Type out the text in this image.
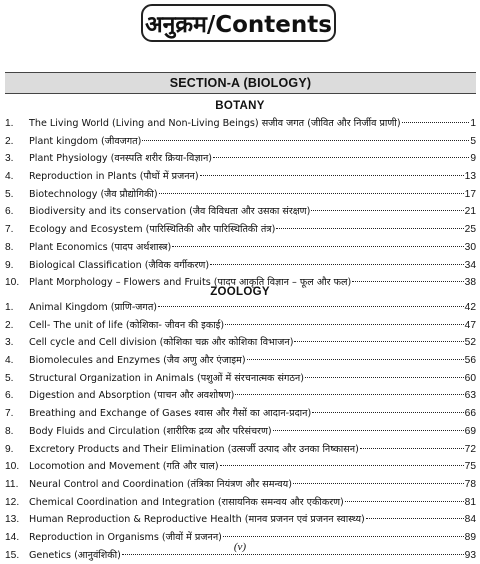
अनुक्रम/Contents
SECTION-A (BIOLOGY)
BOTANY
1.	The Living World (Living and Non-Living Beings) सजीव जगत (जीवित और निर्जीव प्राणी)	1
2.	Plant kingdom (जीवजगत)	5
3.	Plant Physiology (वनस्पति शरीर क्रिया-विज्ञान)	9
4.	Reproduction in Plants (पौधों में प्रजनन)	13
5.	Biotechnology (जैव प्रौद्योगिकी)	17
6.	Biodiversity and its conservation (जैव विविधता और उसका संरक्षण)	21
7.	Ecology and Ecosystem (पारिस्थितिकी और पारिस्थितिकी तंत्र)	25
8.	Plant Economics (पादप अर्थशास्त्र)	30
9.	Biological Classification (जैविक वर्गीकरण)	34
10.	Plant Morphology – Flowers and Fruits (पादप आकृति विज्ञान – फूल और फल)	38
ZOOLOGY
1.	Animal Kingdom (प्राणि-जगत)	42
2.	Cell- The unit of life (कोशिका- जीवन की इकाई)	47
3.	Cell cycle and Cell division (कोशिका चक्र और कोशिका विभाजन)	52
4.	Biomolecules and Enzymes (जैव अणु और एंजाइम)	56
5.	Structural Organization in Animals (पशुओं में संरचनात्मक संगठन)	60
6.	Digestion and Absorption (पाचन और अवशोषण)	63
7.	Breathing and Exchange of Gases श्वास और गैसों का आदान-प्रदान)	66
8.	Body Fluids and Circulation (शारीरिक द्रव्य और परिसंचरण)	69
9.	Excretory Products and Their Elimination (उत्सर्जी उत्पाद और उनका निष्कासन)	72
10.	Locomotion and Movement (गति और चाल)	75
11.	Neural Control and Coordination (तंत्रिका नियंत्रण और समन्वय)	78
12.	Chemical Coordination and Integration (रासायनिक समन्वय और एकीकरण)	81
13.	Human Reproduction & Reproductive Health (मानव प्रजनन एवं प्रजनन स्वास्थ्य)	84
14.	Reproduction in Organisms (जीवों में प्रजनन)	89
15.	Genetics (आनुवंशिकी)	93
(v)
